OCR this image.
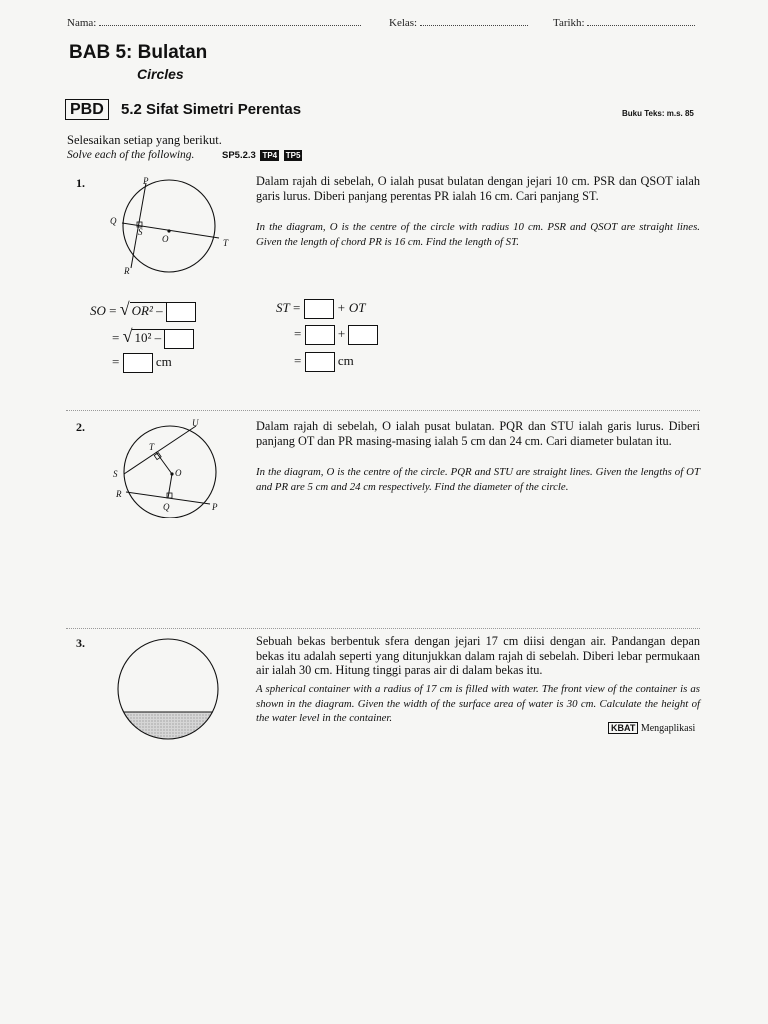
Nama:	Kelas:	Tarikh:
BAB 5: Bulatan
Circles
PBD	5.2 Sifat Simetri Perentas	Buku Teks: m.s. 85
Selesaikan setiap yang berikut.
Solve each of the following.	SP5.2.3 TP4 TP5
1.	P
Q
S
O	T
R
Dalam rajah di sebelah, O ialah pusat bulatan dengan jejari 10 cm. PSR dan QSOT ialah garis lurus. Diberi panjang perentas PR ialah 16 cm. Cari panjang ST.
In the diagram, O is the centre of the circle with radius 10 cm. PSR and QSOT are straight lines. Given the length of chord PR is 16 cm. Find the length of ST.
SO = √ OR² –
= √ 10² –
=	cm
ST =	+ OT
=	+
=	cm
2.	U
T
S	O
R
Q	P
Dalam rajah di sebelah, O ialah pusat bulatan. PQR dan STU ialah garis lurus. Diberi panjang OT dan PR masing-masing ialah 5 cm dan 24 cm. Cari diameter bulatan itu.
In the diagram, O is the centre of the circle. PQR and STU are straight lines. Given the lengths of OT and PR are 5 cm and 24 cm respectively. Find the diameter of the circle.
3.	Sebuah bekas berbentuk sfera dengan jejari 17 cm diisi dengan air. Pandangan depan bekas itu adalah seperti yang ditunjukkan dalam rajah di sebelah. Diberi lebar permukaan air ialah 30 cm. Hitung tinggi paras air di dalam bekas itu.
A spherical container with a radius of 17 cm is filled with water. The front view of the container is as shown in the diagram. Given the width of the surface area of water is 30 cm. Calculate the height of the water level in the container.
KBAT Mengaplikasi
